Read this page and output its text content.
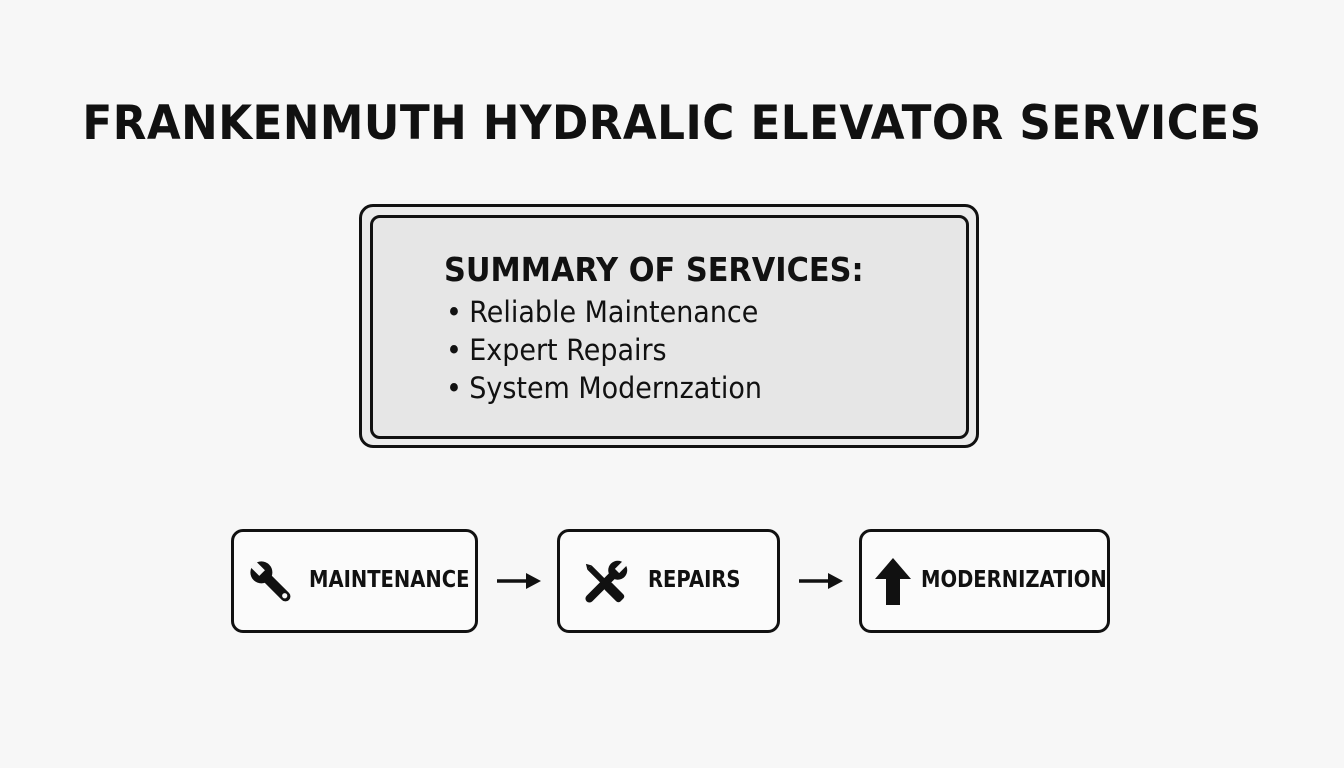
FRANKENMUTH HYDRALIC ELEVATOR SERVICES
SUMMARY OF SERVICES:
• Reliable Maintenance
• Expert Repairs
• System Modernzation
MAINTENANCE	REPAIRS	MODERNIZATION
